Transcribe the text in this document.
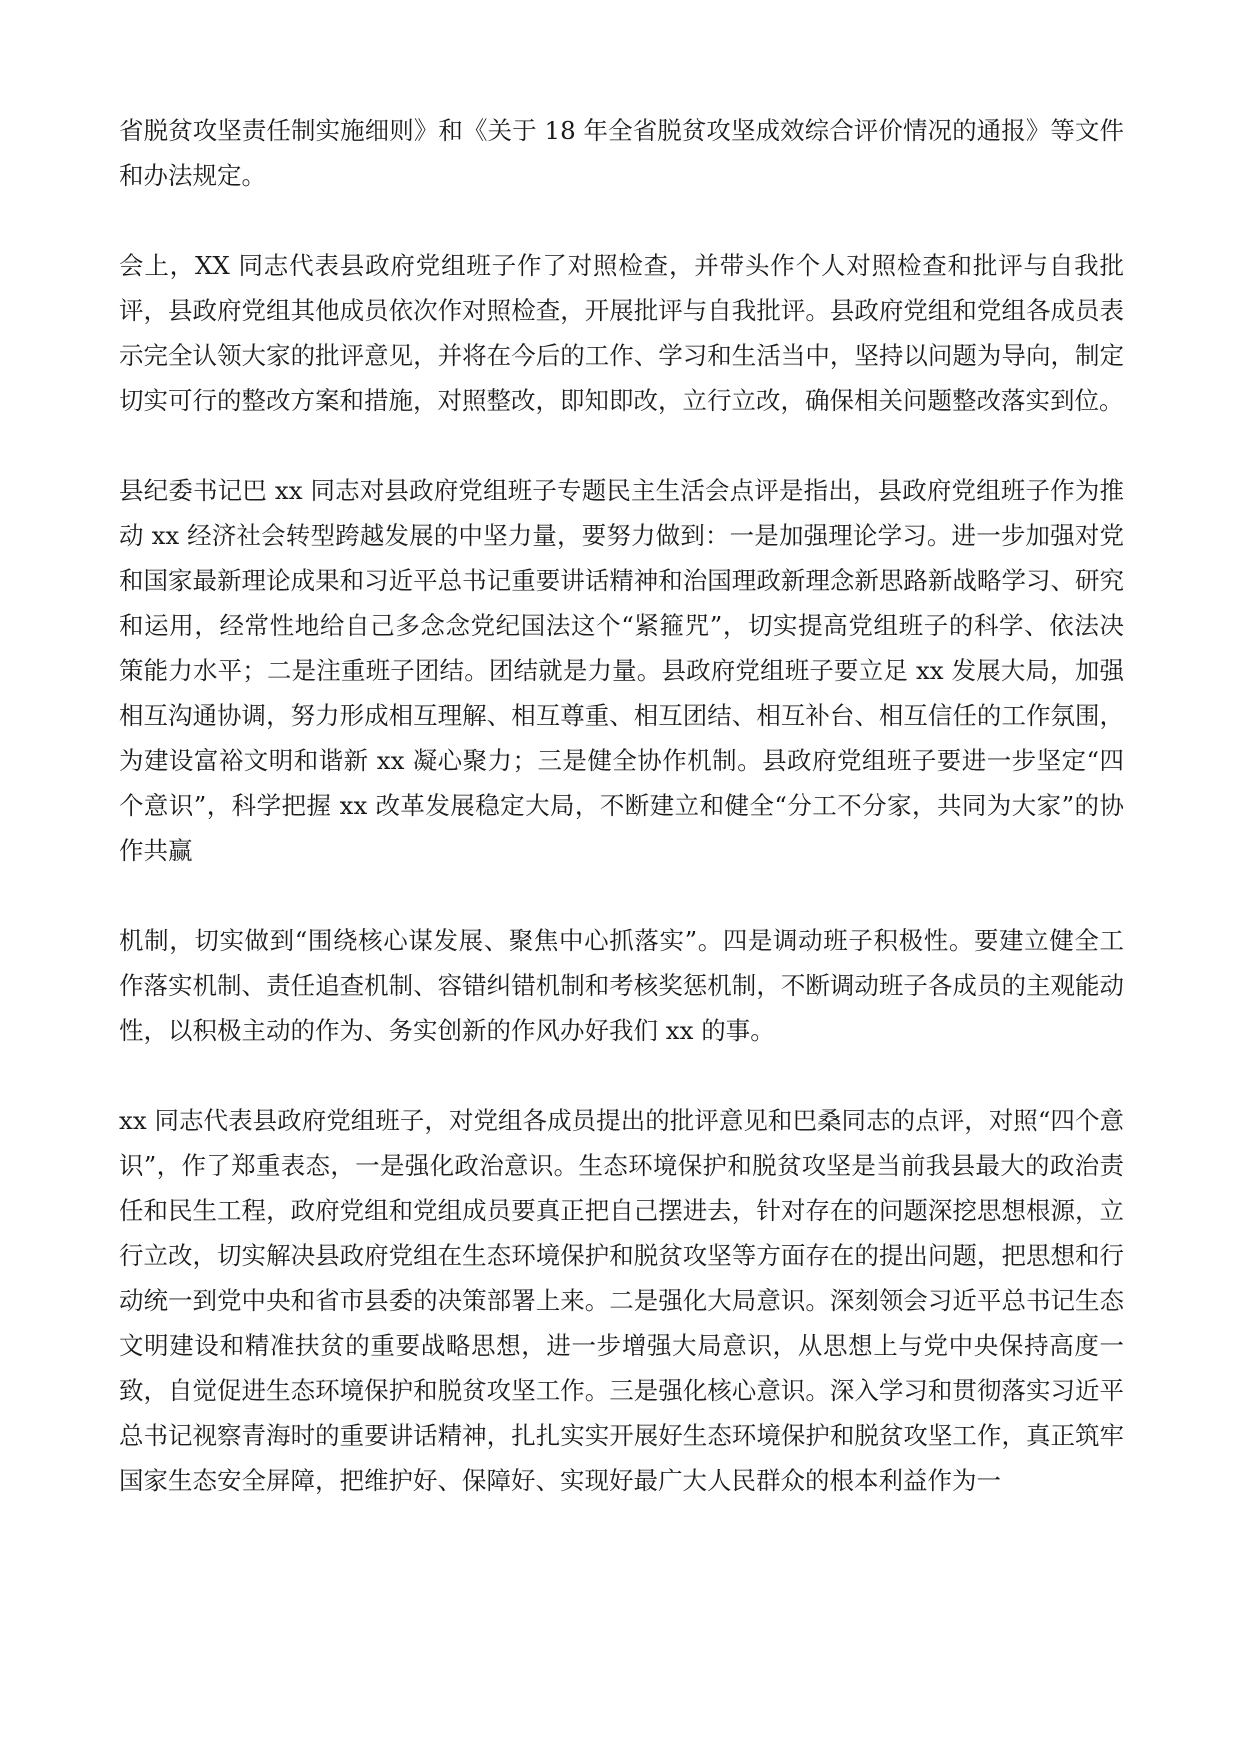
省脱贫攻坚责任制实施细则》和《关于 18 年全省脱贫攻坚成效综合评价情况的通报》等文件和办法规定。

会上，XX 同志代表县政府党组班子作了对照检查，并带头作个人对照检查和批评与自我批评，县政府党组其他成员依次作对照检查，开展批评与自我批评。县政府党组和党组各成员表示完全认领大家的批评意见，并将在今后的工作、学习和生活当中，坚持以问题为导向，制定切实可行的整改方案和措施，对照整改，即知即改，立行立改，确保相关问题整改落实到位。

县纪委书记巴 xx 同志对县政府党组班子专题民主生活会点评是指出，县政府党组班子作为推动 xx 经济社会转型跨越发展的中坚力量，要努力做到：一是加强理论学习。进一步加强对党和国家最新理论成果和习近平总书记重要讲话精神和治国理政新理念新思路新战略学习、研究和运用，经常性地给自己多念念党纪国法这个“紧箍咒”，切实提高党组班子的科学、依法决策能力水平；二是注重班子团结。团结就是力量。县政府党组班子要立足 xx 发展大局，加强相互沟通协调，努力形成相互理解、相互尊重、相互团结、相互补台、相互信任的工作氛围，为建设富裕文明和谐新 xx 凝心聚力；三是健全协作机制。县政府党组班子要进一步坚定“四个意识”，科学把握 xx 改革发展稳定大局，不断建立和健全“分工不分家，共同为大家”的协作共赢

机制，切实做到“围绕核心谋发展、聚焦中心抓落实”。四是调动班子积极性。要建立健全工作落实机制、责任追查机制、容错纠错机制和考核奖惩机制，不断调动班子各成员的主观能动性，以积极主动的作为、务实创新的作风办好我们 xx 的事。

xx 同志代表县政府党组班子，对党组各成员提出的批评意见和巴桑同志的点评，对照“四个意识”，作了郑重表态，一是强化政治意识。生态环境保护和脱贫攻坚是当前我县最大的政治责任和民生工程，政府党组和党组成员要真正把自己摆进去，针对存在的问题深挖思想根源，立行立改，切实解决县政府党组在生态环境保护和脱贫攻坚等方面存在的提出问题，把思想和行动统一到党中央和省市县委的决策部署上来。二是强化大局意识。深刻领会习近平总书记生态文明建设和精准扶贫的重要战略思想，进一步增强大局意识，从思想上与党中央保持高度一致，自觉促进生态环境保护和脱贫攻坚工作。三是强化核心意识。深入学习和贯彻落实习近平总书记视察青海时的重要讲话精神，扎扎实实开展好生态环境保护和脱贫攻坚工作，真正筑牢国家生态安全屏障，把维护好、保障好、实现好最广大人民群众的根本利益作为一
